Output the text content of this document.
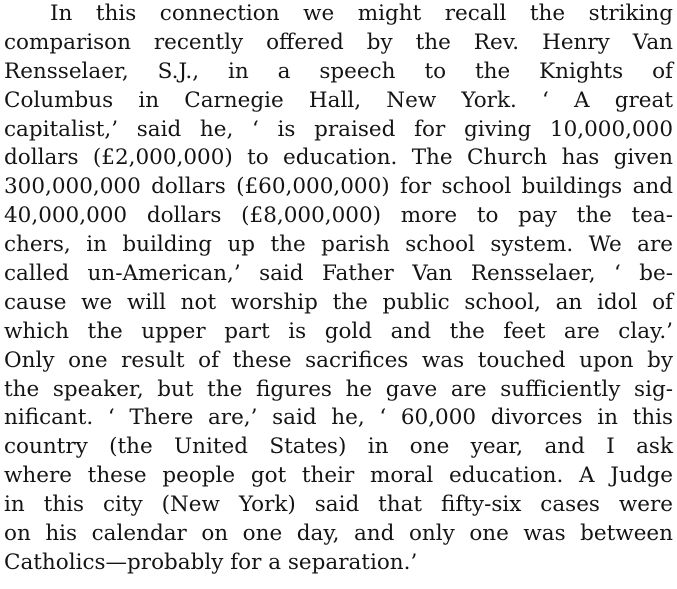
In this connection we might recall the striking
comparison recently offered by the Rev. Henry Van
Rensselaer, S.J., in a speech to the Knights of
Columbus in Carnegie Hall, New York. ‘ A great
capitalist,’ said he, ‘ is praised for giving 10,000,000
dollars (£2,000,000) to education. The Church has given
300,000,000 dollars (£60,000,000) for school buildings and
40,000,000 dollars (£8,000,000) more to pay the tea-
chers, in building up the parish school system. We are
called un-American,’ said Father Van Rensselaer, ‘ be-
cause we will not worship the public school, an idol of
which the upper part is gold and the feet are clay.’
Only one result of these sacrifices was touched upon by
the speaker, but the figures he gave are sufficiently sig-
nificant. ‘ There are,’ said he, ‘ 60,000 divorces in this
country (the United States) in one year, and I ask
where these people got their moral education. A Judge
in this city (New York) said that fifty-six cases were
on his calendar on one day, and only one was between
Catholics—probably for a separation.’
